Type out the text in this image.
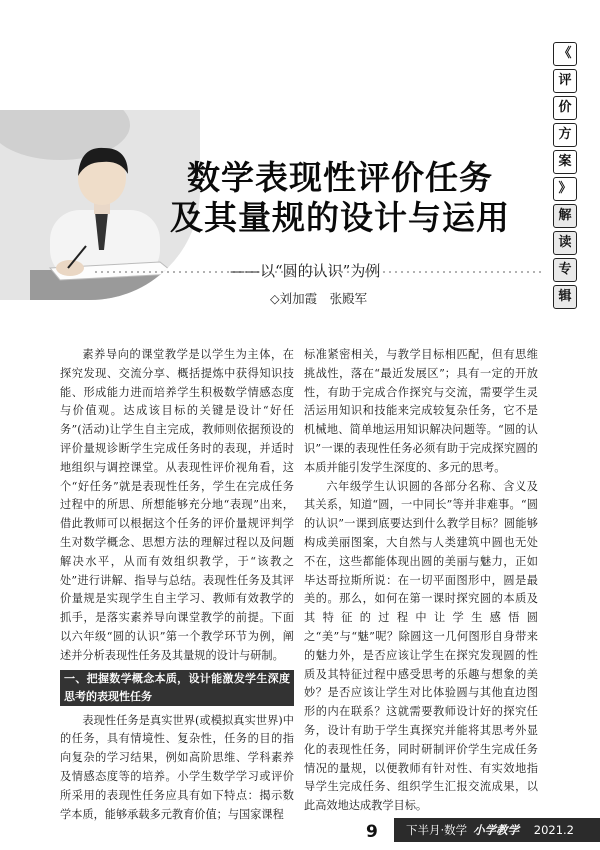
数学表现性评价任务
及其量规的设计与运用
——以“圆的认识”为例
◇刘加霞　张殿军
《
评
价
方
案
》
解
读
专
辑

素养导向的课堂教学是以学生为主体，在探究发现、交流分享、概括提炼中获得知识技能、形成能力进而培养学生积极数学情感态度与价值观。达成该目标的关键是设计“好任务”(活动)让学生自主完成，教师则依据预设的评价量规诊断学生完成任务时的表现，并适时地组织与调控课堂。从表现性评价视角看，这个“好任务”就是表现性任务，学生在完成任务过程中的所思、所想能够充分地“表现”出来，借此教师可以根据这个任务的评价量规评判学生对数学概念、思想方法的理解过程以及问题解决水平，从而有效组织教学，于“该教之处”进行讲解、指导与总结。表现性任务及其评价量规是实现学生自主学习、教师有效教学的抓手，是落实素养导向课堂教学的前提。下面以六年级“圆的认识”第一个教学环节为例，阐述并分析表现性任务及其量规的设计与研制。

一、把握数学概念本质，设计能激发学生深度思考的表现性任务

表现性任务是真实世界(或模拟真实世界)中的任务，具有情境性、复杂性，任务的目的指向复杂的学习结果，例如高阶思维、学科素养及情感态度等的培养。小学生数学学习或评价所采用的表现性任务应具有如下特点：揭示数学本质，能够承载多元教育价值；与国家课程

标准紧密相关，与教学目标相匹配，但有思维挑战性，落在“最近发展区”；具有一定的开放性，有助于完成合作探究与交流，需要学生灵活运用知识和技能来完成较复杂任务，它不是机械地、简单地运用知识解决问题等。“圆的认识”一课的表现性任务必须有助于完成探究圆的本质并能引发学生深度的、多元的思考。

六年级学生认识圆的各部分名称、含义及其关系，知道“圆，一中同长”等并非难事。“圆的认识”一课到底要达到什么教学目标？圆能够构成美丽图案，大自然与人类建筑中圆也无处不在，这些都能体现出圆的美丽与魅力，正如毕达哥拉斯所说：在一切平面图形中，圆是最美的。那么，如何在第一课时探究圆的本质及其特征的过程中让学生感悟圆之“美”与“魅”呢？除圆这一几何图形自身带来的魅力外，是否应该让学生在探究发现圆的性质及其特征过程中感受思考的乐趣与想象的美妙？是否应该让学生对比体验圆与其他直边图形的内在联系？这就需要教师设计好的探究任务，设计有助于学生真探究并能将其思考外显化的表现性任务，同时研制评价学生完成任务情况的量规，以便教师有针对性、有实效地指导学生完成任务、组织学生汇报交流成果，以此高效地达成教学目标。

9	下半月·数学 小学教学	2021.2
